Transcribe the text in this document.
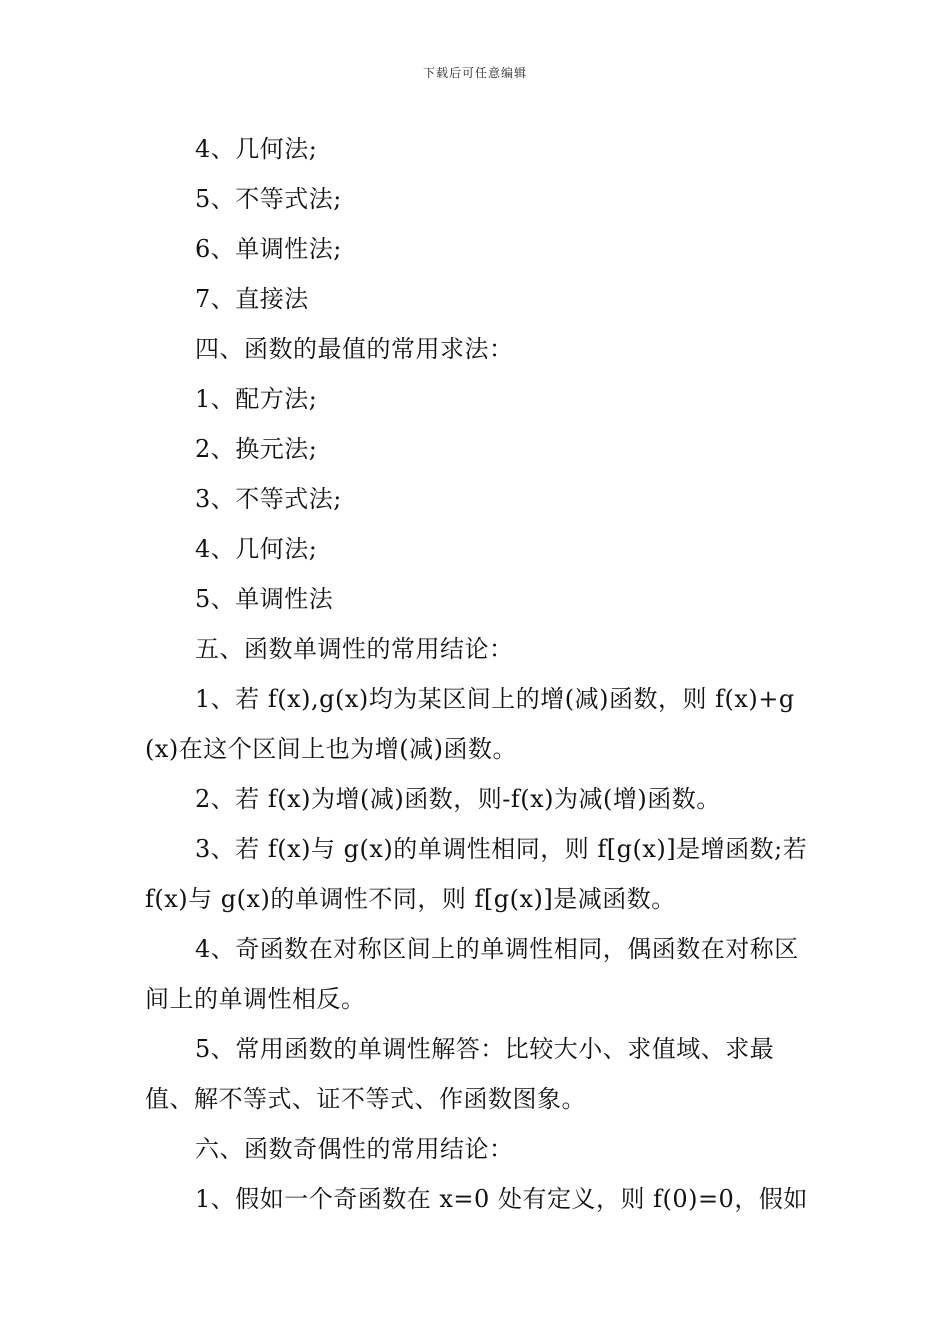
下载后可任意编辑

4、几何法;

5、不等式法;

6、单调性法;

7、直接法

四、函数的最值的常用求法：

1、配方法;

2、换元法;

3、不等式法;

4、几何法;

5、单调性法

五、函数单调性的常用结论：

1、若 f(x),g(x)均为某区间上的增(减)函数，则 f(x)+g(x)在这个区间上也为增(减)函数。

2、若 f(x)为增(减)函数，则-f(x)为减(增)函数。

3、若 f(x)与 g(x)的单调性相同，则 f[g(x)]是增函数;若 f(x)与 g(x)的单调性不同，则 f[g(x)]是减函数。

4、奇函数在对称区间上的单调性相同，偶函数在对称区间上的单调性相反。

5、常用函数的单调性解答：比较大小、求值域、求最值、解不等式、证不等式、作函数图象。

六、函数奇偶性的常用结论：

1、假如一个奇函数在 x=0 处有定义，则 f(0)=0，假如
